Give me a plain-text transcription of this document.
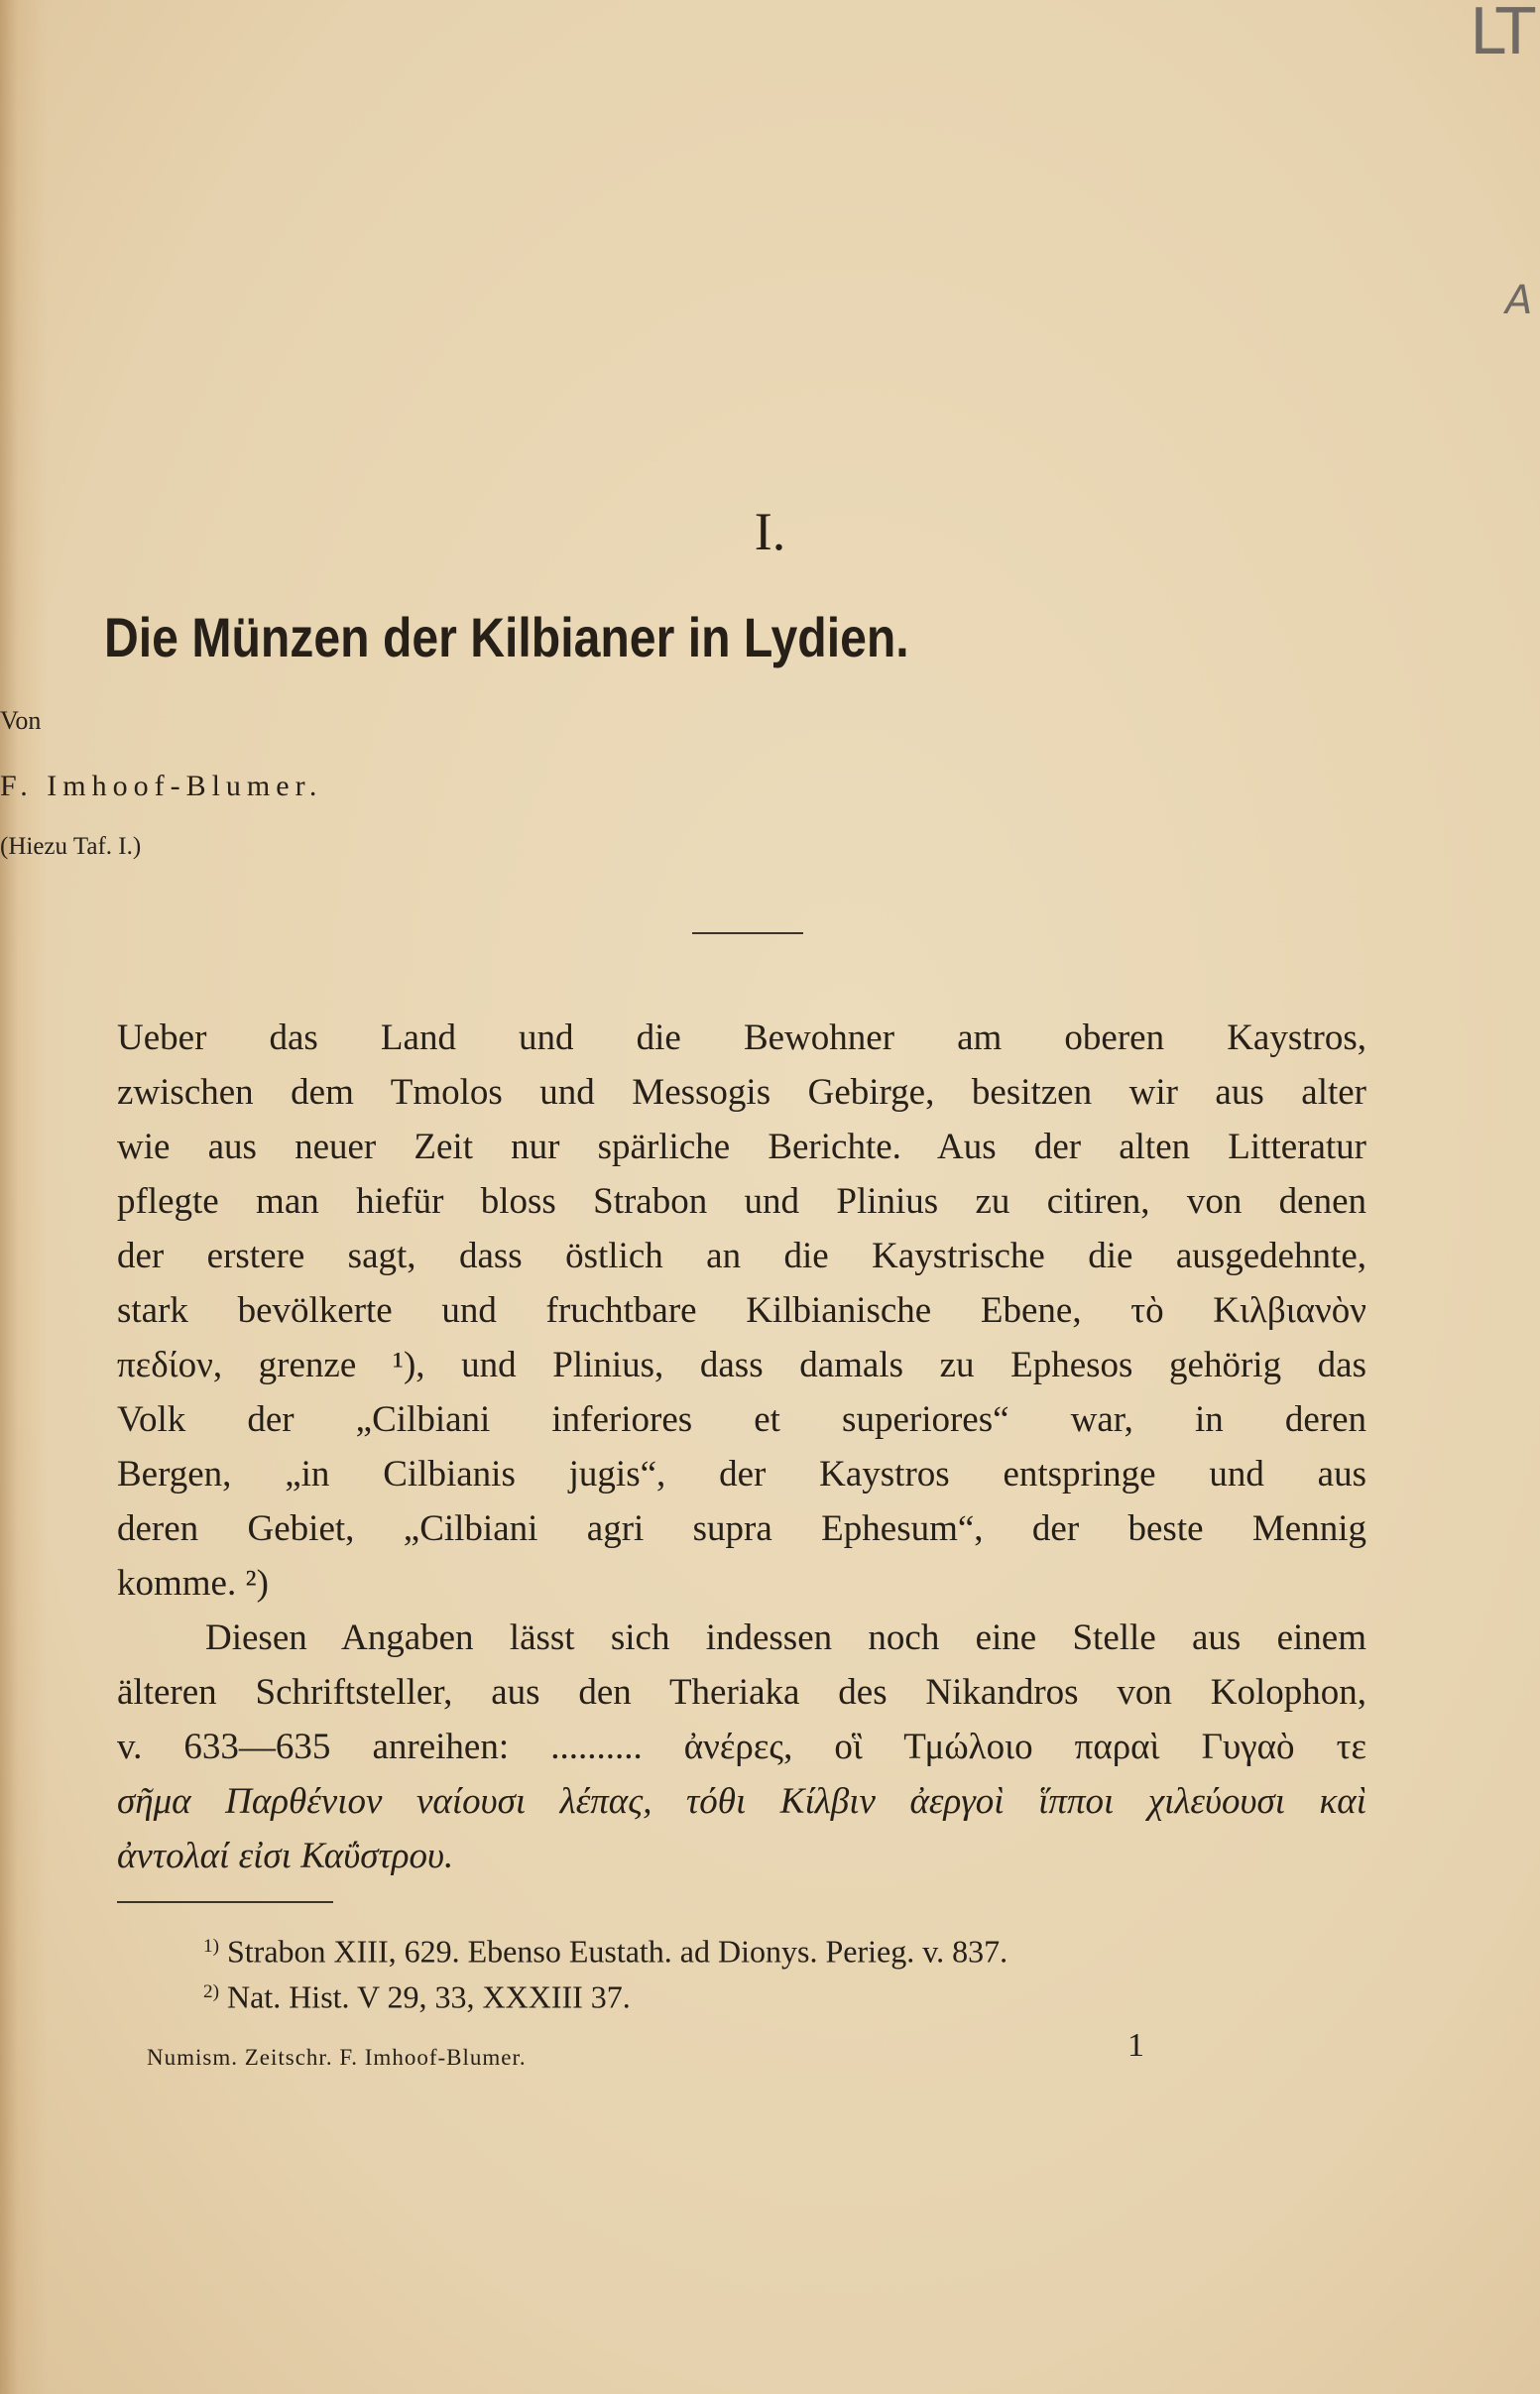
I.
Die Münzen der Kilbianer in Lydien.
Von
F. Imhoof-Blumer.
(Hiezu Taf. I.)
Ueber das Land und die Bewohner am oberen Kaystros,
zwischen dem Tmolos und Messogis Gebirge, besitzen wir aus alter
wie aus neuer Zeit nur spärliche Berichte. Aus der alten Litteratur
pflegte man hiefür bloss Strabon und Plinius zu citiren, von denen
der erstere sagt, dass östlich an die Kaystrische die ausgedehnte,
stark bevölkerte und fruchtbare Kilbianische Ebene, τὸ Κιλβιανὸν
πεδίον, grenze ¹), und Plinius, dass damals zu Ephesos gehörig das
Volk der „Cilbiani inferiores et superiores“ war, in deren
Bergen, „in Cilbianis jugis“, der Kaystros entspringe und aus
deren Gebiet, „Cilbiani agri supra Ephesum“, der beste Mennig
komme. ²)
Diesen Angaben lässt sich indessen noch eine Stelle aus einem
älteren Schriftsteller, aus den Theriaka des Nikandros von Kolophon,
v. 633—635 anreihen: .......... ἀνέρες, οἳ Τμώλοιο παραὶ Γυγαὸ τε
σῆμα Παρθένιον ναίουσι λέπας, τόθι Κίλβιν ἀεργοὶ ἵπποι χιλεύουσι καὶ
ἀντολαί εἰσι Καΰστρου.
$^{1)}$ Strabon XIII, 629. Ebenso Eustath. ad Dionys. Perieg. v. 837.
$^{2)}$ Nat. Hist. V 29, 33, XXXIII 37.
Numism. Zeitschr. F. Imhoof-Blumer.	1
LT
A
